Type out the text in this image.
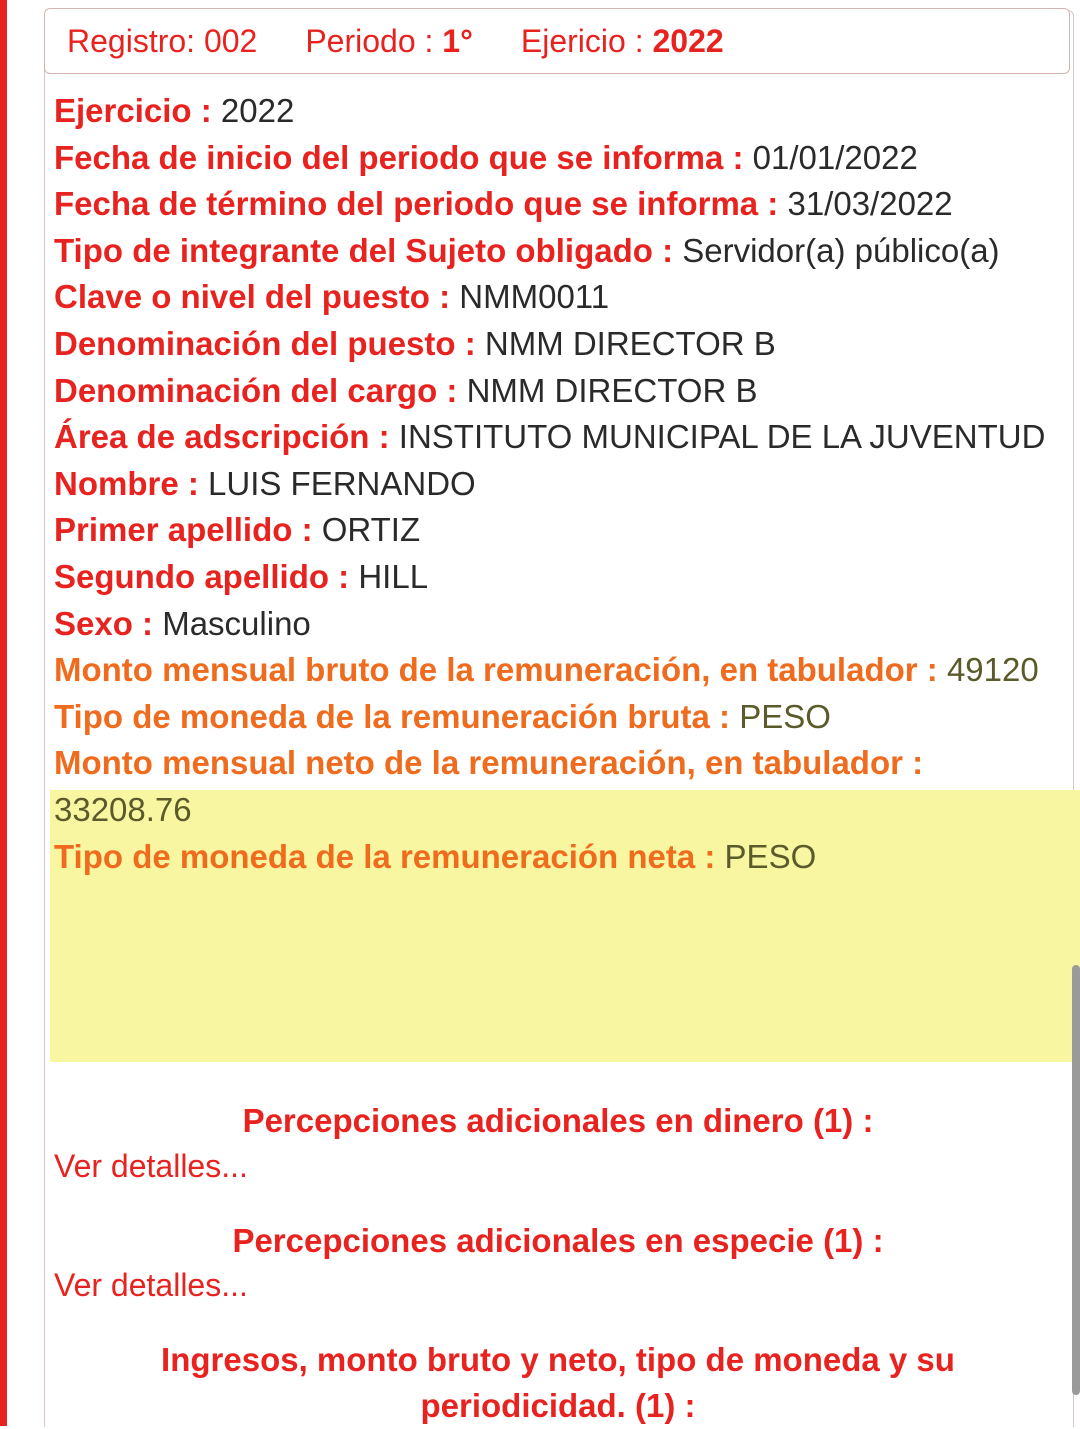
Registro: 002 Periodo : 1° Ejericio : 2022
Ejercicio : 2022
Fecha de inicio del periodo que se informa : 01/01/2022
Fecha de término del periodo que se informa : 31/03/2022
Tipo de integrante del Sujeto obligado : Servidor(a) público(a)
Clave o nivel del puesto : NMM0011
Denominación del puesto : NMM DIRECTOR B
Denominación del cargo : NMM DIRECTOR B
Área de adscripción : INSTITUTO MUNICIPAL DE LA JUVENTUD
Nombre : LUIS FERNANDO
Primer apellido : ORTIZ
Segundo apellido : HILL
Sexo : Masculino
Monto mensual bruto de la remuneración, en tabulador : 49120
Tipo de moneda de la remuneración bruta : PESO
Monto mensual neto de la remuneración, en tabulador : 33208.76
Tipo de moneda de la remuneración neta : PESO
Percepciones adicionales en dinero (1) :
Ver detalles...
Percepciones adicionales en especie (1) :
Ver detalles...
Ingresos, monto bruto y neto, tipo de moneda y su periodicidad. (1) :
